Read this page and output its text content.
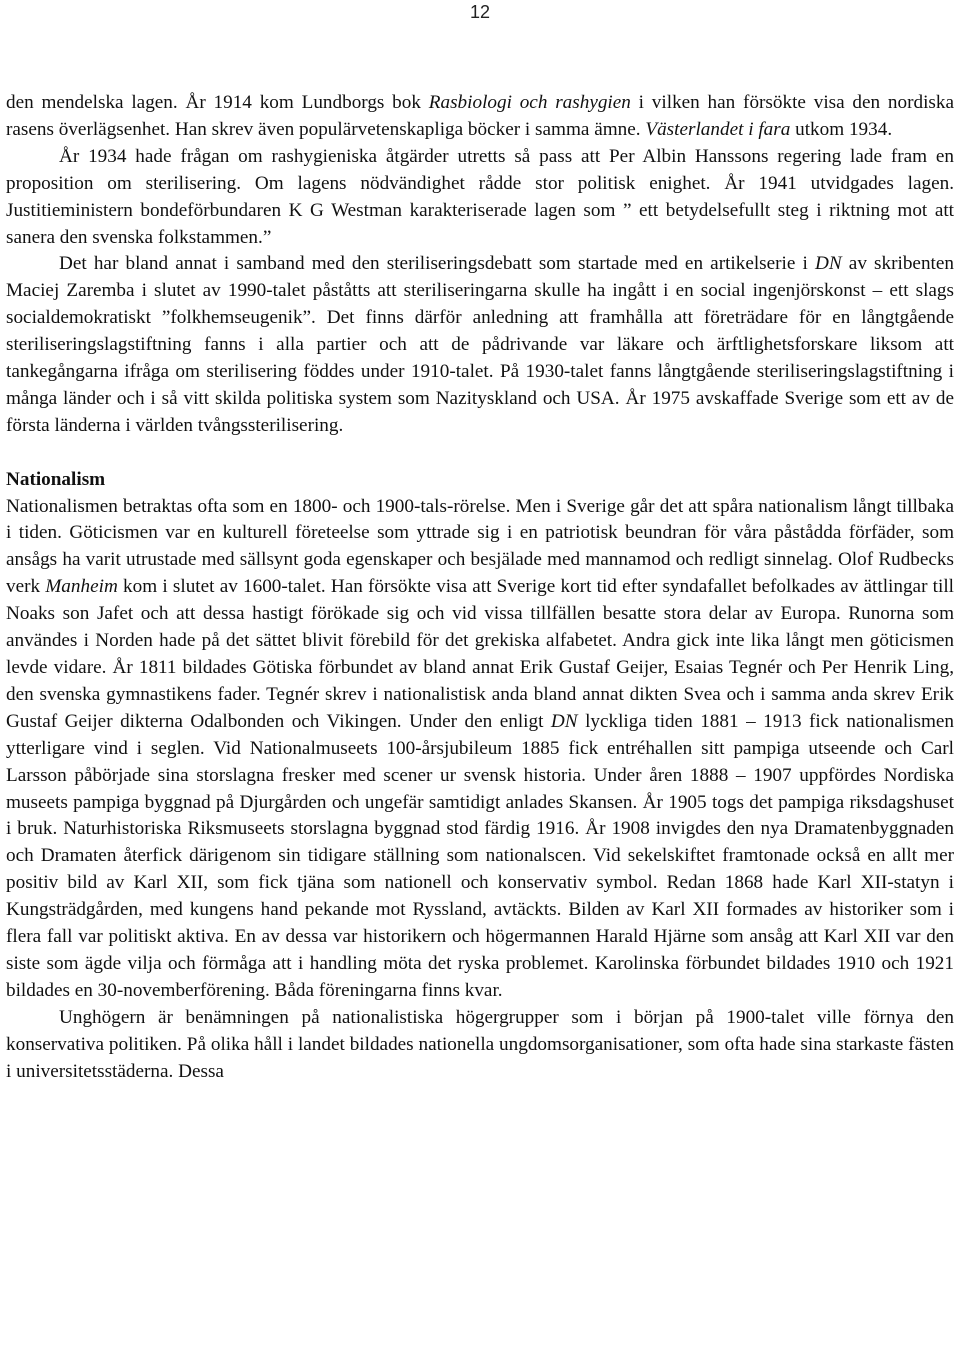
12

den mendelska lagen. År 1914 kom Lundborgs bok Rasbiologi och rashygien i vilken han försökte visa den nordiska rasens överlägsenhet. Han skrev även populärvetenskapliga böcker i samma ämne. Västerlandet i fara utkom 1934.

År 1934 hade frågan om rashygieniska åtgärder utretts så pass att Per Albin Hanssons regering lade fram en proposition om sterilisering. Om lagens nödvändighet rådde stor politisk enighet. År 1941 utvidgades lagen. Justitieministern bondeförbundaren K G Westman karakteriserade lagen som ” ett betydelsefullt steg i riktning mot att sanera den svenska folkstammen.”

Det har bland annat i samband med den steriliseringsdebatt som startade med en artikelserie i DN av skribenten Maciej Zaremba i slutet av 1990-talet påståtts att steriliseringarna skulle ha ingått i en social ingenjörskonst – ett slags socialdemokratiskt ”folkhemseugenik”. Det finns därför anledning att framhålla att företrädare för en långtgående steriliseringslagstiftning fanns i alla partier och att de pådrivande var läkare och ärftlighetsforskare liksom att tankegångarna ifråga om sterilisering föddes under 1910-talet. På 1930-talet fanns långtgående steriliseringslagstiftning i många länder och i så vitt skilda politiska system som Nazityskland och USA. År 1975 avskaffade Sverige som ett av de första länderna i världen tvångssterilisering.

Nationalism

Nationalismen betraktas ofta som en 1800- och 1900-tals-rörelse. Men i Sverige går det att spåra nationalism långt tillbaka i tiden. Göticismen var en kulturell företeelse som yttrade sig i en patriotisk beundran för våra påstådda förfäder, som ansågs ha varit utrustade med sällsynt goda egenskaper och besjälade med mannamod och redligt sinnelag. Olof Rudbecks verk Manheim kom i slutet av 1600-talet. Han försökte visa att Sverige kort tid efter syndafallet befolkades av ättlingar till Noaks son Jafet och att dessa hastigt förökade sig och vid vissa tillfällen besatte stora delar av Europa. Runorna som användes i Norden hade på det sättet blivit förebild för det grekiska alfabetet. Andra gick inte lika långt men göticismen levde vidare. År 1811 bildades Götiska förbundet av bland annat Erik Gustaf Geijer, Esaias Tegnér och Per Henrik Ling, den svenska gymnastikens fader. Tegnér skrev i nationalistisk anda bland annat dikten Svea och i samma anda skrev Erik Gustaf Geijer dikterna Odalbonden och Vikingen. Under den enligt DN lyckliga tiden 1881 – 1913 fick nationalismen ytterligare vind i seglen. Vid Nationalmuseets 100-årsjubileum 1885 fick entréhallen sitt pampiga utseende och Carl Larsson påbörjade sina storslagna fresker med scener ur svensk historia. Under åren 1888 – 1907 uppfördes Nordiska museets pampiga byggnad på Djurgården och ungefär samtidigt anlades Skansen. År 1905 togs det pampiga riksdagshuset i bruk. Naturhistoriska Riksmuseets storslagna byggnad stod färdig 1916. År 1908 invigdes den nya Dramatenbyggnaden och Dramaten återfick därigenom sin tidigare ställning som nationalscen. Vid sekelskiftet framtonade också en allt mer positiv bild av Karl XII, som fick tjäna som nationell och konservativ symbol. Redan 1868 hade Karl XII-statyn i Kungsträdgården, med kungens hand pekande mot Ryssland, avtäckts. Bilden av Karl XII formades av historiker som i flera fall var politiskt aktiva. En av dessa var historikern och högermannen Harald Hjärne som ansåg att Karl XII var den siste som ägde vilja och förmåga att i handling möta det ryska problemet. Karolinska förbundet bildades 1910 och 1921 bildades en 30-novemberförening. Båda föreningarna finns kvar.

Unghögern är benämningen på nationalistiska högergrupper som i början på 1900-talet ville förnya den konservativa politiken. På olika håll i landet bildades nationella ungdomsorganisationer, som ofta hade sina starkaste fästen i universitetsstäderna. Dessa
